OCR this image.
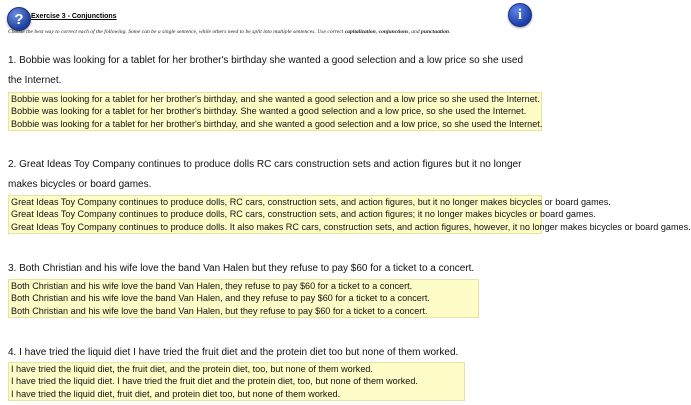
?	i
Exercise 3 - Conjunctions
Choose the best way to correct each of the following. Some can be a single sentence, while others need to be split into multiple sentences. Use correct capitalization, conjunctions, and punctuation.
1. Bobbie was looking for a tablet for her brother's birthday she wanted a good selection and a low price so she used the Internet.
Bobbie was looking for a tablet for her brother's birthday, and she wanted a good selection and a low price so she used the Internet.
Bobbie was looking for a tablet for her brother's birthday. She wanted a good selection and a low price, so she used the Internet.
Bobbie was looking for a tablet for her brother's birthday, and she wanted a good selection and a low price, so she used the Internet.
2. Great Ideas Toy Company continues to produce dolls RC cars construction sets and action figures but it no longer makes bicycles or board games.
Great Ideas Toy Company continues to produce dolls, RC cars, construction sets, and action figures, but it no longer makes bicycles or board games.
Great Ideas Toy Company continues to produce dolls, RC cars, construction sets, and action figures; it no longer makes bicycles or board games.
Great Ideas Toy Company continues to produce dolls. It also makes RC cars, construction sets, and action figures, however, it no longer makes bicycles or board games.
3. Both Christian and his wife love the band Van Halen but they refuse to pay $60 for a ticket to a concert.
Both Christian and his wife love the band Van Halen, they refuse to pay $60 for a ticket to a concert.
Both Christian and his wife love the band Van Halen, and they refuse to pay $60 for a ticket to a concert.
Both Christian and his wife love the band Van Halen, but they refuse to pay $60 for a ticket to a concert.
4. I have tried the liquid diet I have tried the fruit diet and the protein diet too but none of them worked.
I have tried the liquid diet, the fruit diet, and the protein diet, too, but none of them worked.
I have tried the liquid diet. I have tried the fruit diet and the protein diet, too, but none of them worked.
I have tried the liquid diet, fruit diet, and protein diet too, but none of them worked.
